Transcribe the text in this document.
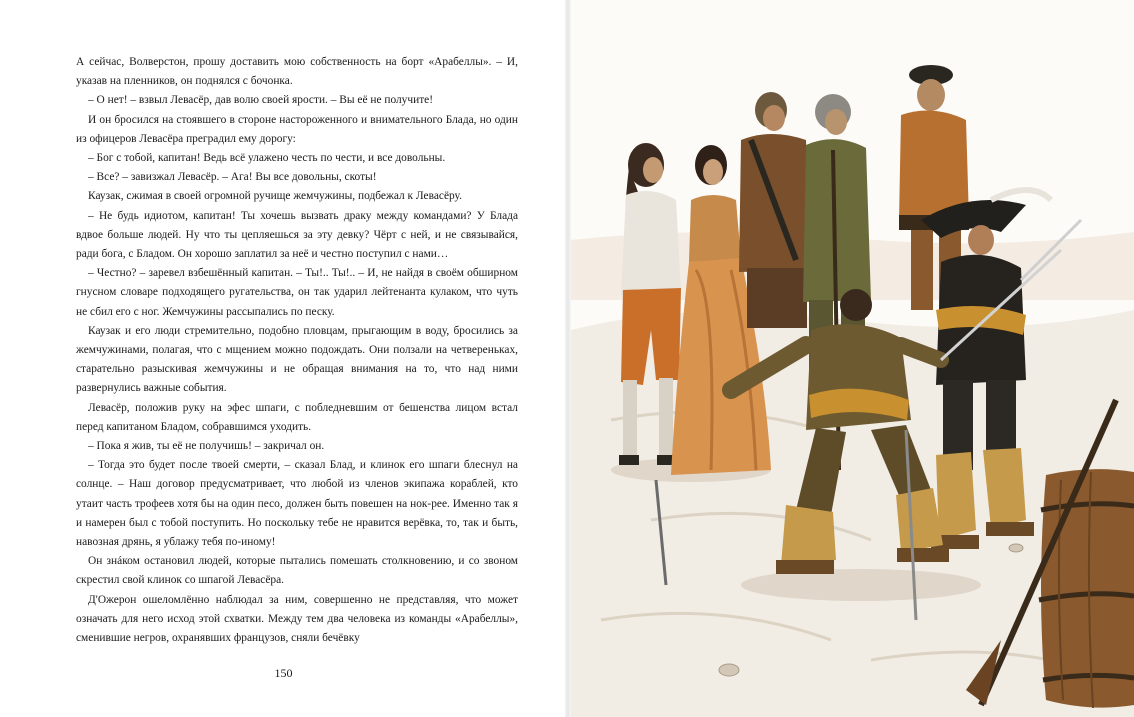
А сейчас, Волверстон, прошу доставить мою собственность на борт «Арабеллы». – И, указав на пленников, он поднялся с бочонка.

– О нет! – взвыл Левасёр, дав волю своей ярости. – Вы её не получите!

И он бросился на стоявшего в стороне настороженного и внимательного Блада, но один из офицеров Левасёра преградил ему дорогу:

– Бог с тобой, капитан! Ведь всё улажено честь по чести, и все довольны.

– Все? – завизжал Левасёр. – Ага! Вы все довольны, скоты!

Каузак, сжимая в своей огромной ручище жемчужины, подбежал к Левасёру.

– Не будь идиотом, капитан! Ты хочешь вызвать драку между командами? У Блада вдвое больше людей. Ну что ты цепляешься за эту девку? Чёрт с ней, и не связывайся, ради бога, с Бладом. Он хорошо заплатил за неё и честно поступил с нами…

– Честно? – заревел взбешённый капитан. – Ты!.. Ты!.. – И, не найдя в своём обширном гнусном словаре подходящего ругательства, он так ударил лейтенанта кулаком, что чуть не сбил его с ног. Жемчужины рассыпались по песку.

Каузак и его люди стремительно, подобно пловцам, прыгающим в воду, бросились за жемчужинами, полагая, что с мщением можно подождать. Они ползали на четвереньках, старательно разыскивая жемчужины и не обращая внимания на то, что над ними развернулись важные события.

Левасёр, положив руку на эфес шпаги, с побледневшим от бешенства лицом встал перед капитаном Бладом, собравшимся уходить.

– Пока я жив, ты её не получишь! – закричал он.

– Тогда это будет после твоей смерти, – сказал Блад, и клинок его шпаги блеснул на солнце. – Наш договор предусматривает, что любой из членов экипажа кораблей, кто утаит часть трофеев хотя бы на один песо, должен быть повешен на нок-рее. Именно так я и намерен был с тобой поступить. Но поскольку тебе не нравится верёвка, то, так и быть, навозная дрянь, я ублажу тебя по-иному!

Он знáком остановил людей, которые пытались помешать столкновению, и со звоном скрестил свой клинок со шпагой Левасёра.

Д'Ожерон ошеломлённо наблюдал за ним, совершенно не представляя, что может означать для него исход этой схватки. Между тем два человека из команды «Арабеллы», сменившие негров, охранявших французов, сняли бечёвку

150
